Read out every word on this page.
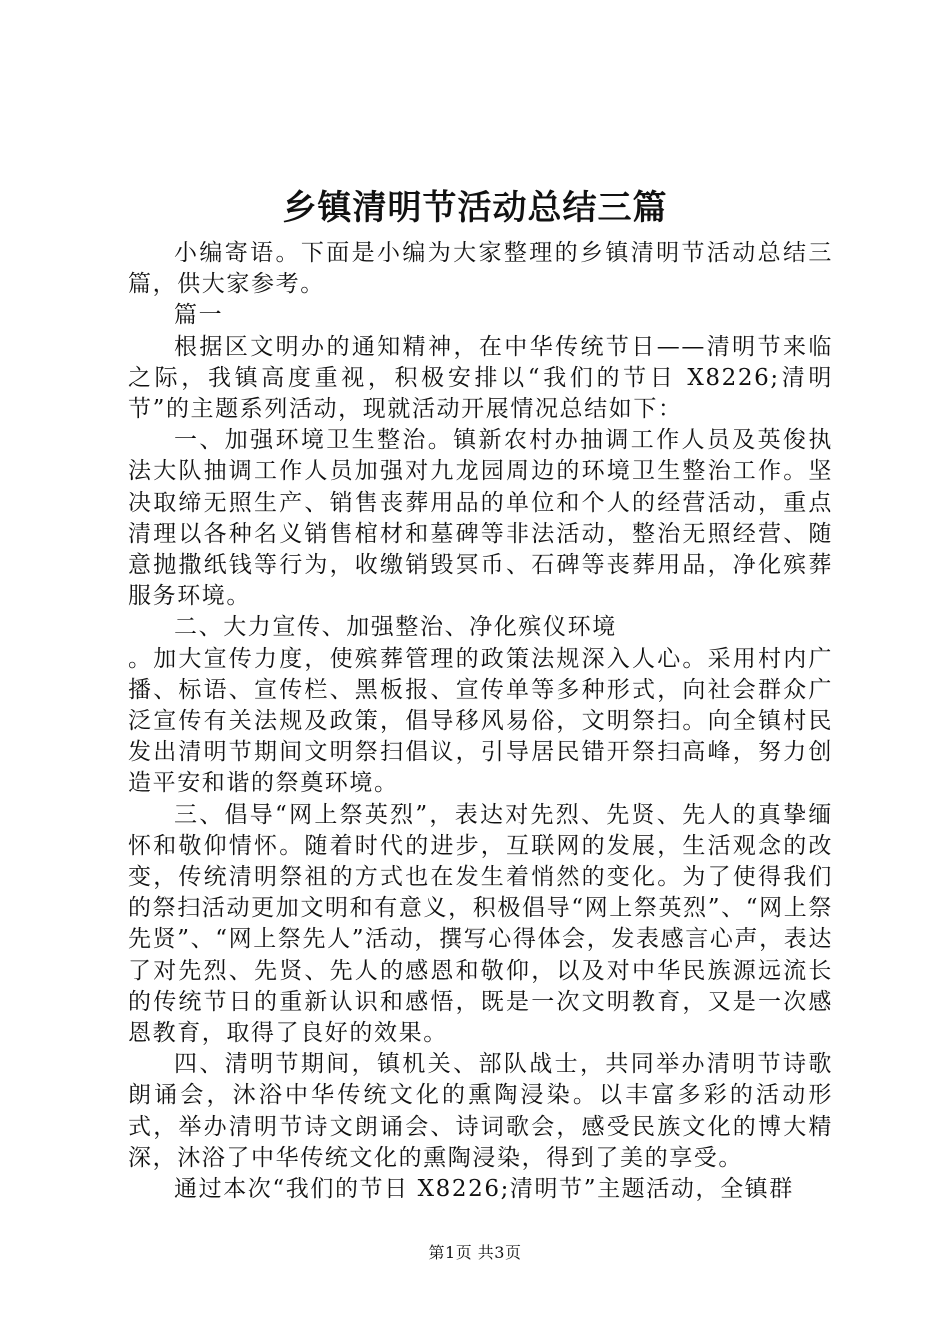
乡镇清明节活动总结三篇

小编寄语。下面是小编为大家整理的乡镇清明节活动总结三篇，供大家参考。

篇一

根据区文明办的通知精神，在中华传统节日——清明节来临之际，我镇高度重视，积极安排以“我们的节日 X8226;清明节”的主题系列活动，现就活动开展情况总结如下：

一、加强环境卫生整治。镇新农村办抽调工作人员及英俊执法大队抽调工作人员加强对九龙园周边的环境卫生整治工作。坚决取缔无照生产、销售丧葬用品的单位和个人的经营活动，重点清理以各种名义销售棺材和墓碑等非法活动，整治无照经营、随意抛撒纸钱等行为，收缴销毁冥币、石碑等丧葬用品，净化殡葬服务环境。

二、大力宣传、加强整治、净化殡仪环境

。加大宣传力度，使殡葬管理的政策法规深入人心。采用村内广播、标语、宣传栏、黑板报、宣传单等多种形式，向社会群众广泛宣传有关法规及政策，倡导移风易俗，文明祭扫。向全镇村民发出清明节期间文明祭扫倡议，引导居民错开祭扫高峰，努力创造平安和谐的祭奠环境。

三、倡导“网上祭英烈”，表达对先烈、先贤、先人的真挚缅怀和敬仰情怀。随着时代的进步，互联网的发展，生活观念的改变，传统清明祭祖的方式也在发生着悄然的变化。为了使得我们的祭扫活动更加文明和有意义，积极倡导“网上祭英烈”、“网上祭先贤”、“网上祭先人”活动，撰写心得体会，发表感言心声，表达了对先烈、先贤、先人的感恩和敬仰，以及对中华民族源远流长的传统节日的重新认识和感悟，既是一次文明教育，又是一次感恩教育，取得了良好的效果。

四、清明节期间，镇机关、部队战士，共同举办清明节诗歌朗诵会，沐浴中华传统文化的熏陶浸染。以丰富多彩的活动形式，举办清明节诗文朗诵会、诗词歌会，感受民族文化的博大精深，沐浴了中华传统文化的熏陶浸染，得到了美的享受。

通过本次“我们的节日 X8226;清明节”主题活动，全镇群

第1页 共3页
